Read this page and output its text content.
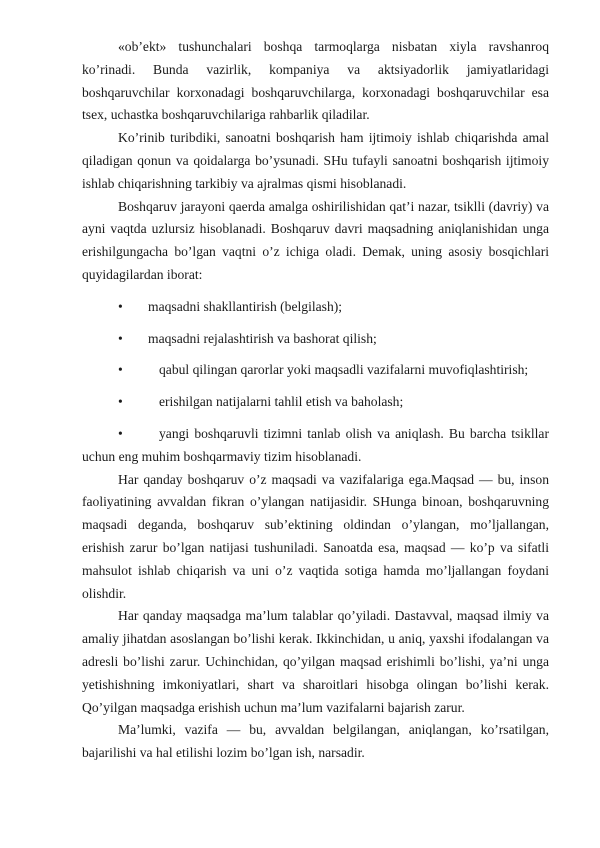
«ob’ekt» tushunchalari boshqa tarmoqlarga nisbatan xiyla ravshanroq ko’rinadi. Bunda vazirlik, kompaniya va aktsiyadorlik jamiyatlaridagi boshqaruvchilar korxonadagi boshqaruvchilarga, korxonadagi boshqaruvchilar esa tsex, uchastka boshqaruvchilariga rahbarlik qiladilar.

Ko’rinib turibdiki, sanoatni boshqarish ham ijtimoiy ishlab chiqarishda amal qiladigan qonun va qoidalarga bo’ysunadi. SHu tufayli sanoatni boshqarish ijtimoiy ishlab chiqarishning tarkibiy va ajralmas qismi hisoblanadi.

Boshqaruv jarayoni qaerda amalga oshirilishidan qat’i nazar, tsiklli (davriy) va ayni vaqtda uzlursiz hisoblanadi. Boshqaruv davri maqsadning aniqlanishidan unga erishilgungacha bo’lgan vaqtni o’z ichiga oladi. Demak, uning asosiy bosqichlari quyidagilardan iborat:

•	maqsadni shakllantirish (belgilash);
•	maqsadni rejalashtirish va bashorat qilish;
•	qabul qilingan qarorlar yoki maqsadli vazifalarni muvofiqlashtirish;
•	erishilgan natijalarni tahlil etish va baholash;
•	yangi boshqaruvli tizimni tanlab olish va aniqlash. Bu barcha tsikllar uchun eng muhim boshqarmaviy tizim hisoblanadi.

Har qanday boshqaruv o’z maqsadi va vazifalariga ega.Maqsad — bu, inson faoliyatining avvaldan fikran o’ylangan natijasidir. SHunga binoan, boshqaruvning maqsadi deganda, boshqaruv sub’ektining oldindan o’ylangan, mo’ljallangan, erishish zarur bo’lgan natijasi tushuniladi. Sanoatda esa, maqsad — ko’p va sifatli mahsulot ishlab chiqarish va uni o’z vaqtida sotiga hamda mo’ljallangan foydani olishdir.

Har qanday maqsadga ma’lum talablar qo’yiladi. Dastavval, maqsad ilmiy va amaliy jihatdan asoslangan bo’lishi kerak. Ikkinchidan, u aniq, yaxshi ifodalangan va adresli bo’lishi zarur. Uchinchidan, qo’yilgan maqsad erishimli bo’lishi, ya’ni unga yetishishning imkoniyatlari, shart va sharoitlari hisobga olingan bo’lishi kerak. Qo’yilgan maqsadga erishish uchun ma’lum vazifalarni bajarish zarur.

Ma’lumki, vazifa — bu, avvaldan belgilangan, aniqlangan, ko’rsatilgan, bajarilishi va hal etilishi lozim bo’lgan ish, narsadir.
